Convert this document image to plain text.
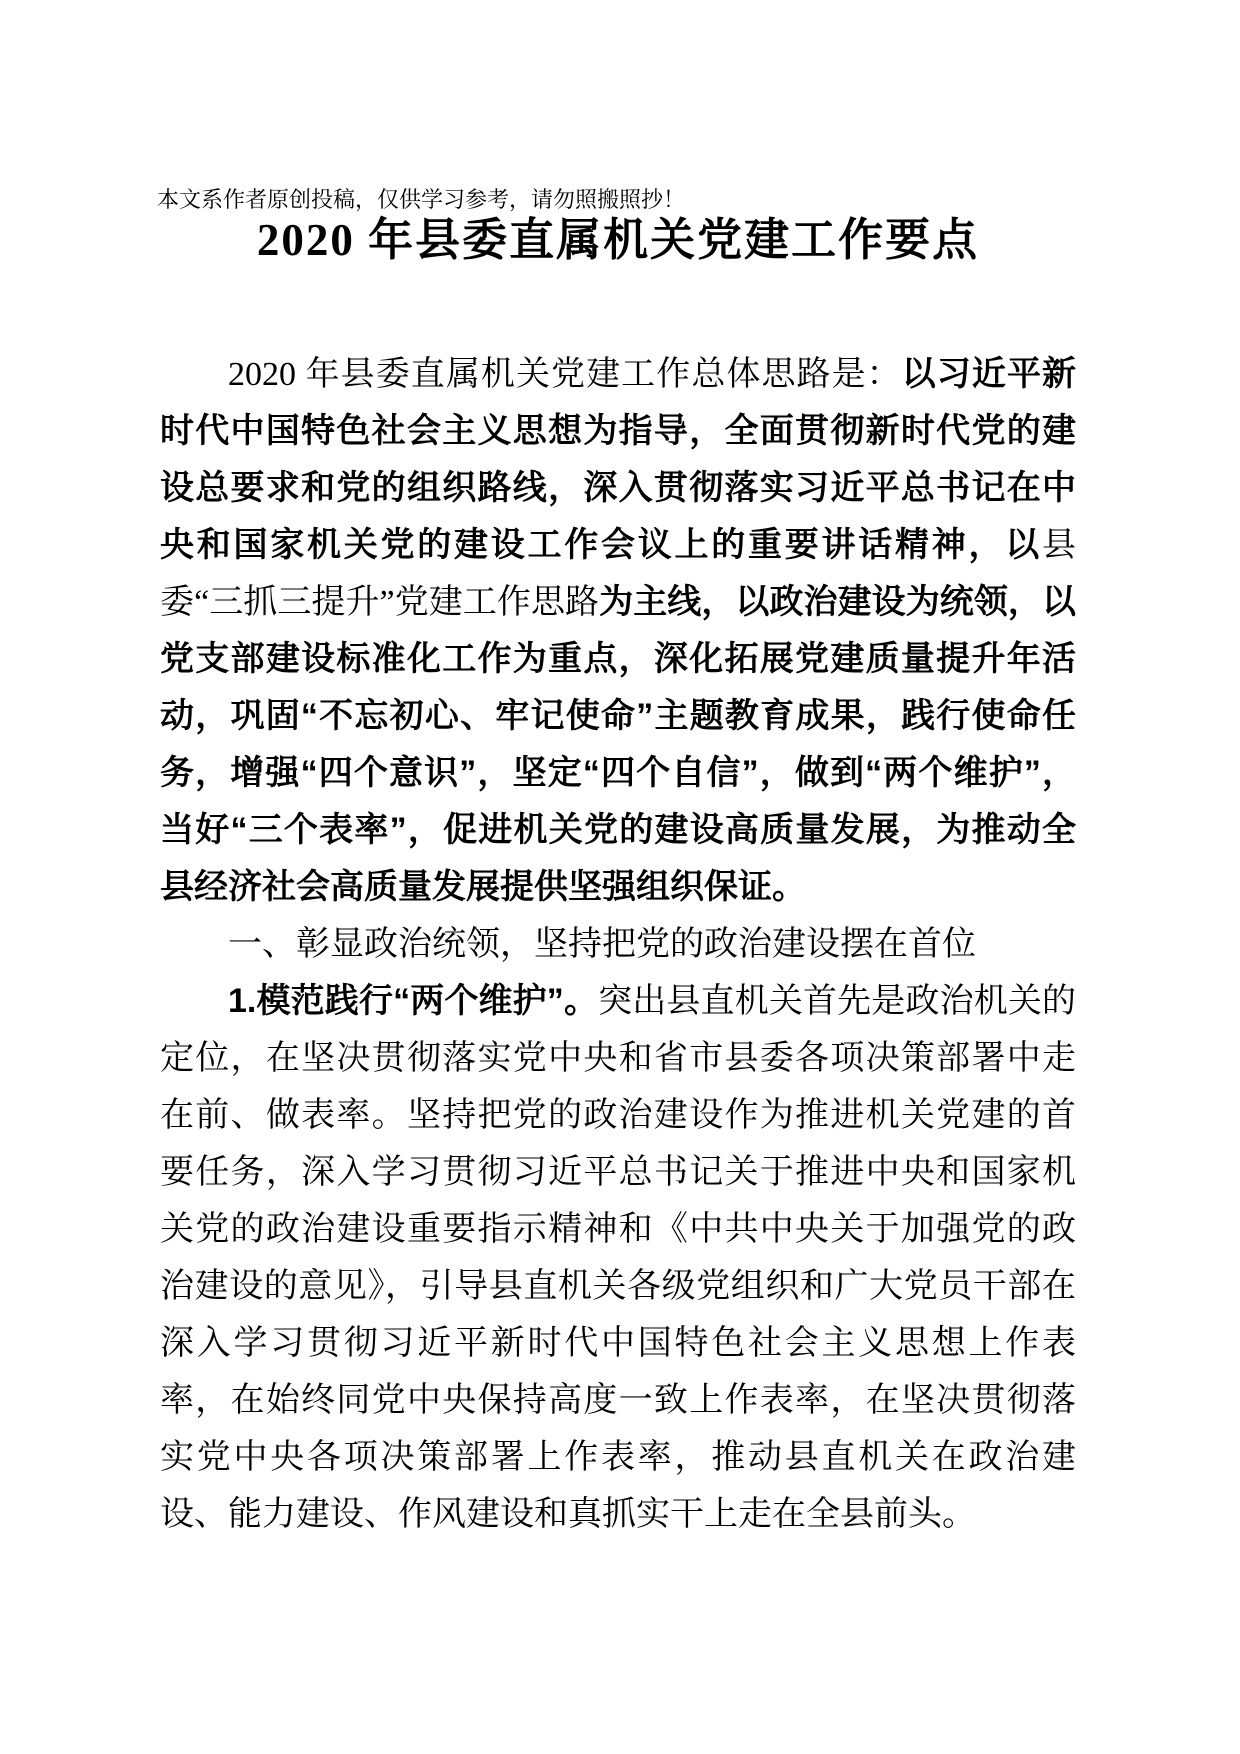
本文系作者原创投稿，仅供学习参考，请勿照搬照抄！
2020 年县委直属机关党建工作要点

2020 年县委直属机关党建工作总体思路是：以习近平新时代中国特色社会主义思想为指导，全面贯彻新时代党的建设总要求和党的组织路线，深入贯彻落实习近平总书记在中央和国家机关党的建设工作会议上的重要讲话精神，以县委“三抓三提升”党建工作思路为主线，以政治建设为统领，以党支部建设标准化工作为重点，深化拓展党建质量提升年活动，巩固“不忘初心、牢记使命”主题教育成果，践行使命任务，增强“四个意识”，坚定“四个自信”，做到“两个维护”，当好“三个表率”，促进机关党的建设高质量发展，为推动全县经济社会高质量发展提供坚强组织保证。

一、彰显政治统领，坚持把党的政治建设摆在首位

1.模范践行“两个维护”。突出县直机关首先是政治机关的定位，在坚决贯彻落实党中央和省市县委各项决策部署中走在前、做表率。坚持把党的政治建设作为推进机关党建的首要任务，深入学习贯彻习近平总书记关于推进中央和国家机关党的政治建设重要指示精神和《中共中央关于加强党的政治建设的意见》，引导县直机关各级党组织和广大党员干部在深入学习贯彻习近平新时代中国特色社会主义思想上作表率，在始终同党中央保持高度一致上作表率，在坚决贯彻落实党中央各项决策部署上作表率，推动县直机关在政治建设、能力建设、作风建设和真抓实干上走在全县前头。
